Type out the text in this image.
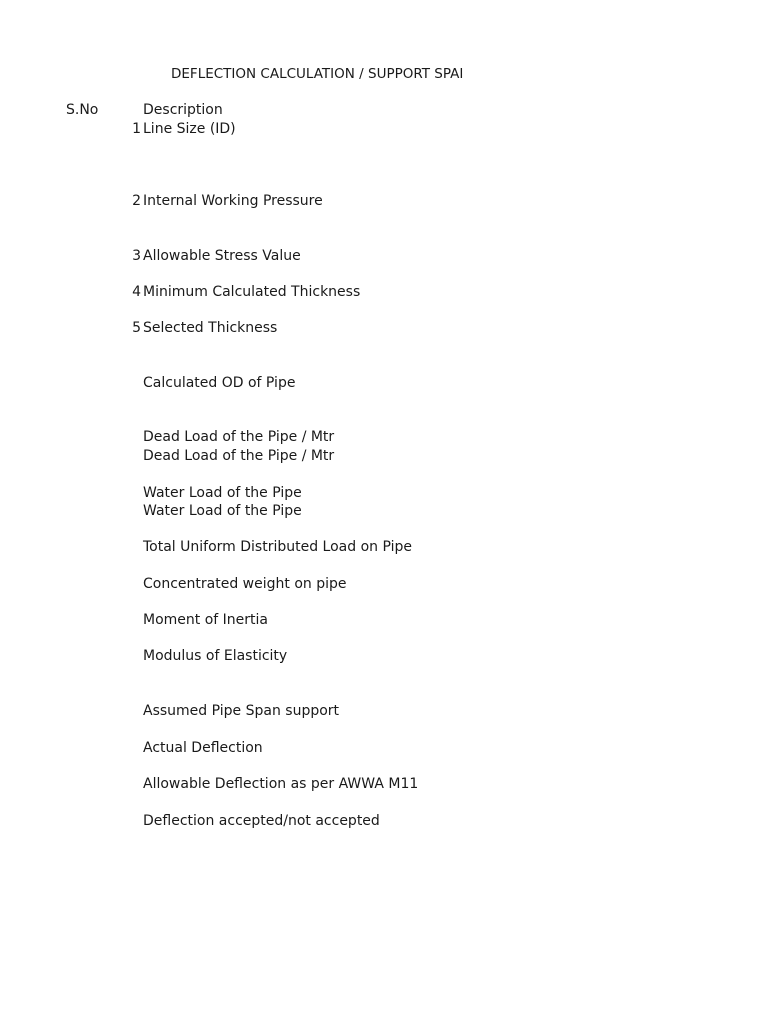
DEFLECTION CALCULATION / SUPPORT SPAI
S.No	Description
1 Line Size (ID)
2 Internal Working Pressure
3 Allowable Stress Value
4 Minimum Calculated Thickness
5 Selected Thickness
Calculated OD of Pipe
Dead Load of the Pipe / Mtr
Dead Load of the Pipe / Mtr
Water Load of the Pipe
Water Load of the Pipe
Total Uniform Distributed Load on Pipe
Concentrated weight on pipe
Moment of Inertia
Modulus of Elasticity
Assumed Pipe Span support
Actual Deflection
Allowable Deflection as per AWWA M11
Deflection accepted/not accepted
